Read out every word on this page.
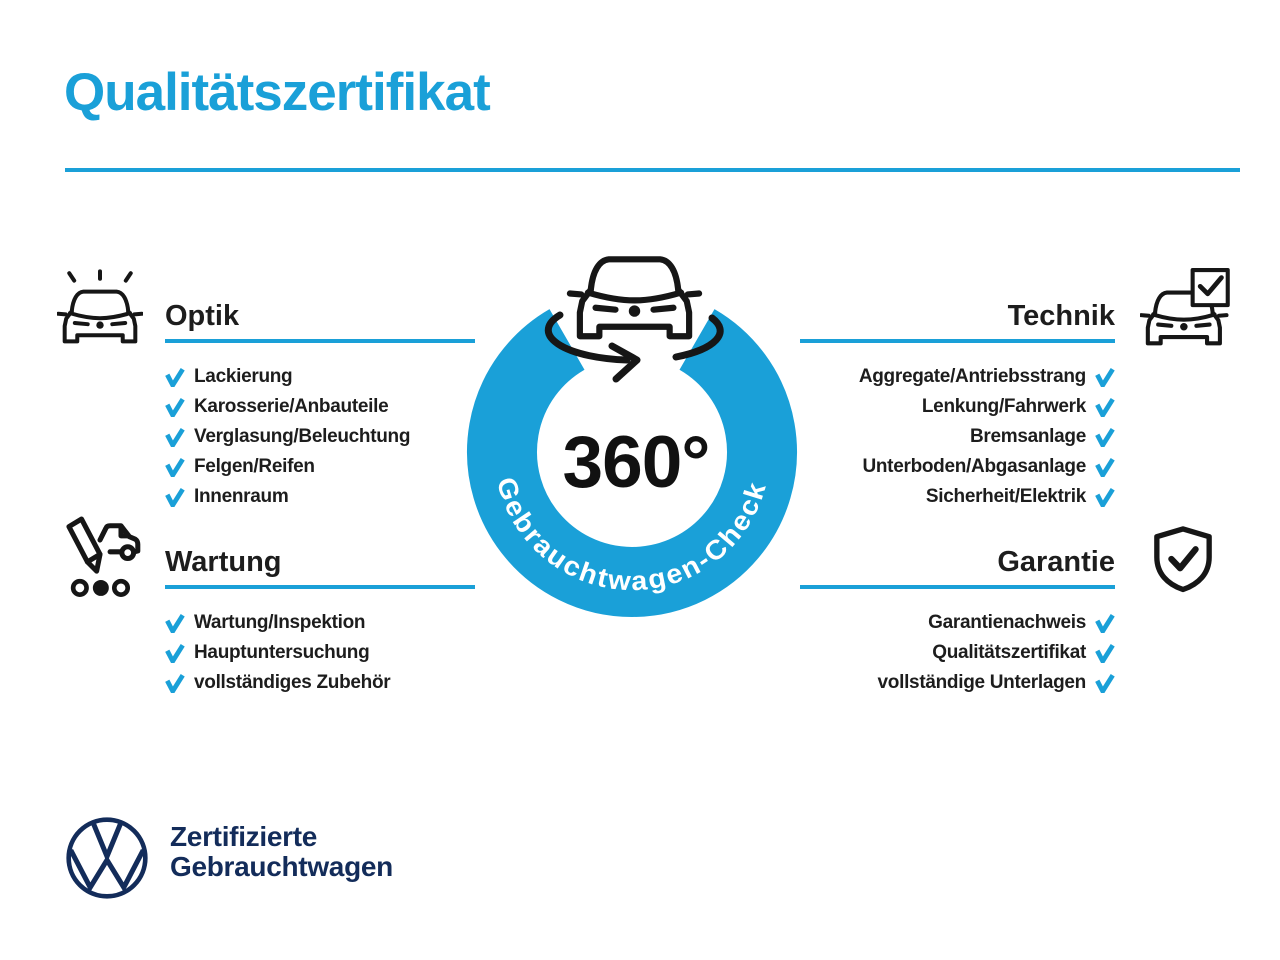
Qualitätszertifikat
Gebrauchtwagen-Check
360°
Optik
Lackierung
Karosserie/Anbauteile
Verglasung/Beleuchtung
Felgen/Reifen
Innenraum
Wartung
Wartung/Inspektion
Hauptuntersuchung
vollständiges Zubehör
Technik
Aggregate/Antriebsstrang
Lenkung/Fahrwerk
Bremsanlage
Unterboden/Abgasanlage
Sicherheit/Elektrik
Garantie
Garantienachweis
Qualitätszertifikat
vollständige Unterlagen
Zertifizierte
Gebrauchtwagen
